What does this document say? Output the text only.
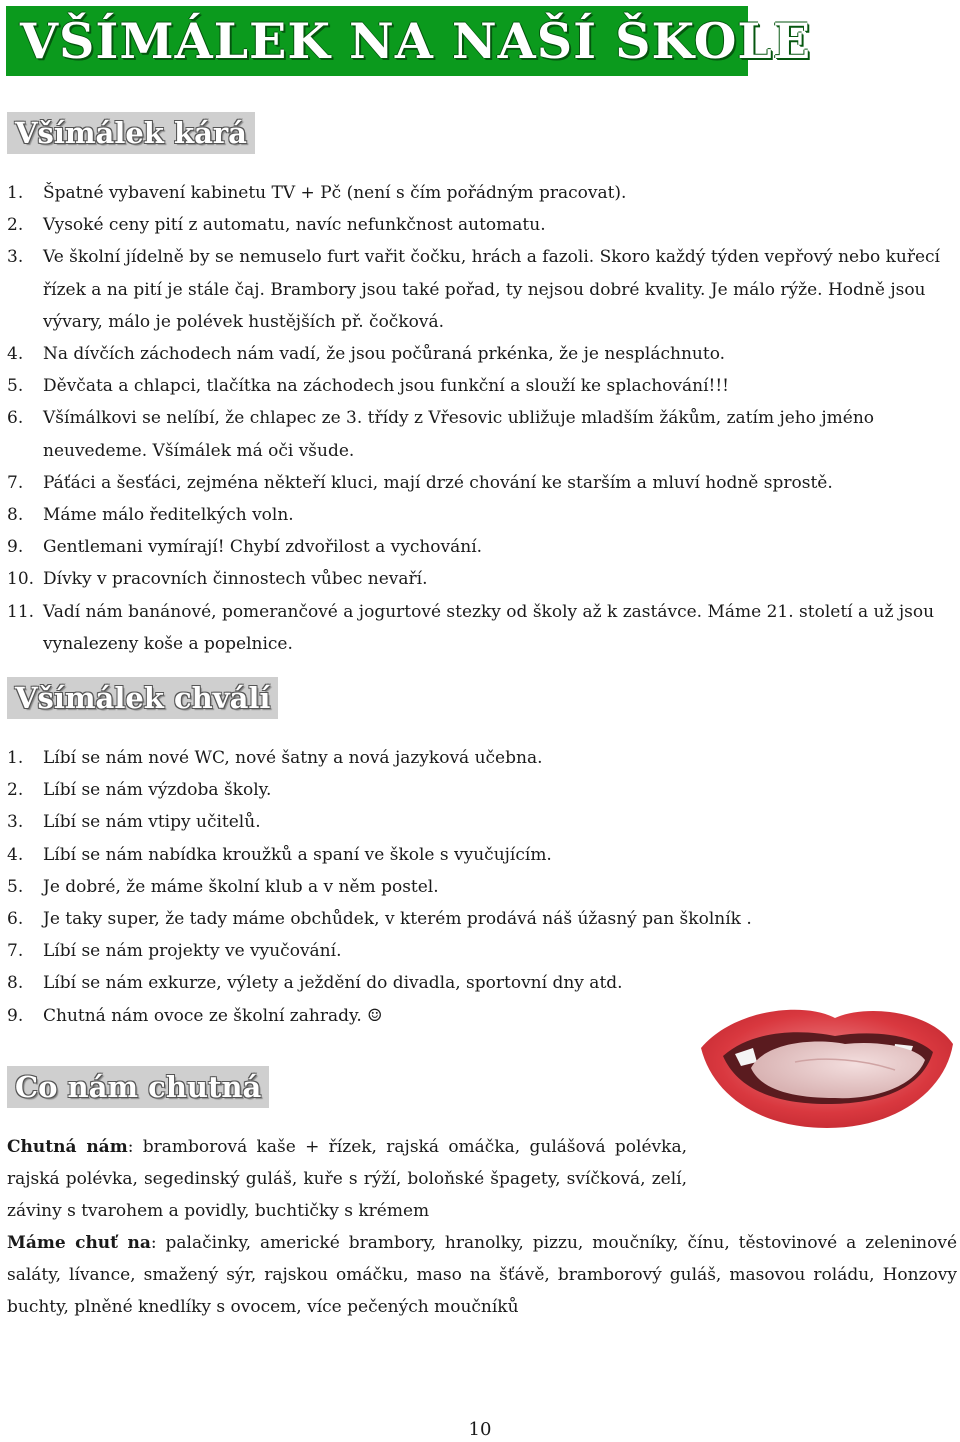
VŠÍMÁLEK NA NAŠÍ ŠKOLE
Všímálek kárá
1. Špatné vybavení kabinetu TV + Pč (není s čím pořádným pracovat).
2. Vysoké ceny pití z automatu, navíc nefunkčnost automatu.
3. Ve školní jídelně by se nemuselo furt vařit čočku, hrách a fazoli. Skoro každý týden vepřový nebo kuřecí řízek a na pití je stále čaj. Brambory jsou také pořad, ty nejsou dobré kvality. Je málo rýže. Hodně jsou vývary, málo je polévek hustějších př. čočková.
4. Na dívčích záchodech nám vadí, že jsou počůraná prkénka, že je nespláchnuto.
5. Děvčata a chlapci, tlačítka na záchodech jsou funkční a slouží ke splachování!!!
6. Všímálkovi se nelíbí, že chlapec ze 3. třídy z Vřesovic ubližuje mladším žákům, zatím jeho jméno neuvedeme. Všímálek má oči všude.
7. Páťáci a šesťáci, zejména někteří kluci, mají drzé chování ke starším a mluví hodně sprostě.
8. Máme málo ředitelkých voln.
9. Gentlemani vymírají! Chybí zdvořilost a vychování.
10. Dívky v pracovních činnostech vůbec nevaří.
11. Vadí nám banánové, pomerančové a jogurtové stezky od školy až k zastávce. Máme 21. století a už jsou vynalezeny koše a popelnice.
Všímálek chválí
1. Líbí se nám nové WC, nové šatny a nová jazyková učebna.
2. Líbí se nám výzdoba školy.
3. Líbí se nám vtipy učitelů.
4. Líbí se nám nabídka kroužků a spaní ve škole s vyučujícím.
5. Je dobré, že máme školní klub a v něm postel.
6. Je taky super, že tady máme obchůdek, v kterém prodává náš úžasný pan školník .
7. Líbí se nám projekty ve vyučování.
8. Líbí se nám exkurze, výlety a ježdění do divadla, sportovní dny atd.
9. Chutná nám ovoce ze školní zahrady. ☺
Co nám chutná

Chutná nám: bramborová kaše + řízek, rajská omáčka, gulášová polévka, rajská polévka, segedinský guláš, kuře s rýží, boloňské špagety, svíčková, zelí, záviny s tvarohem a povidly, buchtičky s krémem

Máme chuť na: palačinky, americké brambory, hranolky, pizzu, moučníky, čínu, těstovinové a zeleninové saláty, lívance, smažený sýr, rajskou omáčku, maso na šťávě, bramborový guláš, masovou roládu, Honzovy buchty, plněné knedlíky s ovocem, více pečených moučníků

10
